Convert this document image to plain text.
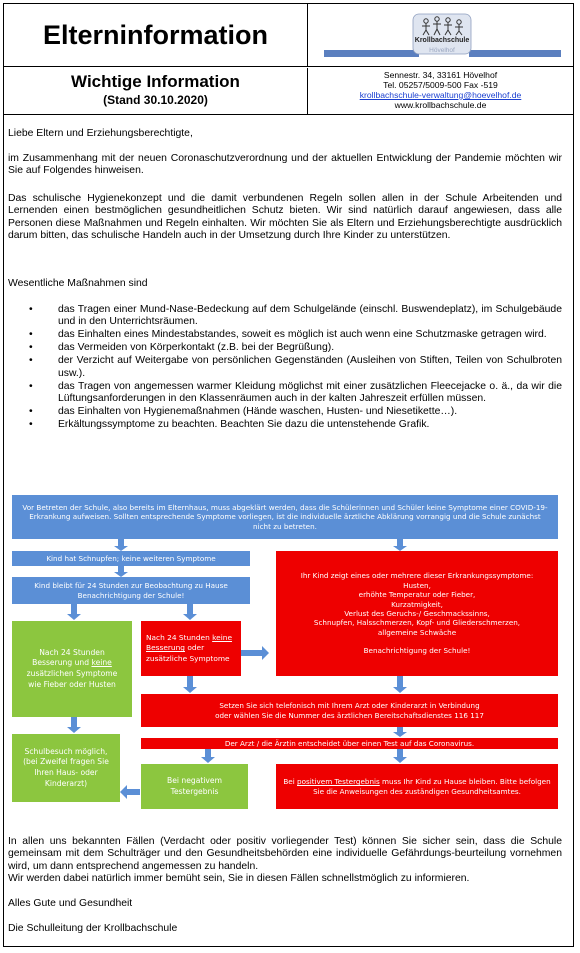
Elterninformation	Krollbachschule
Hövelhof
Wichtige Information
(Stand 30.10.2020)
Sennestr. 34, 33161 Hövelhof
Tel. 05257/5009-500 Fax -519
krollbachschule-verwaltung@hoevelhof.de
www.krollbachschule.de
Liebe Eltern und Erziehungsberechtigte,
im Zusammenhang mit der neuen Coronaschutzverordnung und der aktuellen Entwicklung der Pandemie möchten wir Sie auf Folgendes hinweisen.
Das schulische Hygienekonzept und die damit verbundenen Regeln sollen allen in der Schule Arbeitenden und Lernenden einen bestmöglichen gesundheitlichen Schutz bieten. Wir sind natürlich darauf angewiesen, dass alle Personen diese Maßnahmen und Regeln einhalten. Wir möchten Sie als Eltern und Erziehungsberechtigte ausdrücklich darum bitten, das schulische Handeln auch in der Umsetzung durch Ihre Kinder zu unterstützen.
Wesentliche Maßnahmen sind
• das Tragen einer Mund-Nase-Bedeckung auf dem Schulgelände (einschl. Buswendeplatz), im Schulgebäude und in den Unterrichtsräumen.
• das Einhalten eines Mindestabstandes, soweit es möglich ist auch wenn eine Schutzmaske getragen wird.
• das Vermeiden von Körperkontakt (z.B. bei der Begrüßung).
• der Verzicht auf Weitergabe von persönlichen Gegenständen (Ausleihen von Stiften, Teilen von Schulbroten usw.).
• das Tragen von angemessen warmer Kleidung möglichst mit einer zusätzlichen Fleecejacke o. ä., da wir die Lüftungsanforderungen in den Klassenräumen auch in der kalten Jahreszeit erfüllen müssen.
• das Einhalten von Hygienemaßnahmen (Hände waschen, Husten- und Niesetikette…).
• Erkältungssymptome zu beachten. Beachten Sie dazu die untenstehende Grafik.
Vor Betreten der Schule, also bereits im Elternhaus, muss abgeklärt werden, dass die Schülerinnen und Schüler keine Symptome einer COVID-19-Erkrankung aufweisen. Sollten entsprechende Symptome vorliegen, ist die individuelle ärztliche Abklärung vorrangig und die Schule zunächst nicht zu betreten.
Kind hat Schnupfen; keine weiteren Symptome
Kind bleibt für 24 Stunden zur Beobachtung zu Hause
Benachrichtigung der Schule!
Nach 24 Stunden
Besserung und keine
zusätzlichen Symptome
wie Fieber oder Husten
Nach 24 Stunden keine
Besserung oder
zusätzliche Symptome
Ihr Kind zeigt eines oder mehrere dieser Erkrankungssymptome:
Husten,
erhöhte Temperatur oder Fieber,
Kurzatmigkeit,
Verlust des Geruchs-/ Geschmackssinns,
Schnupfen, Halsschmerzen, Kopf- und Gliederschmerzen,
allgemeine Schwäche
Benachrichtigung der Schule!
Setzen Sie sich telefonisch mit Ihrem Arzt oder Kinderarzt in Verbindung
oder wählen Sie die Nummer des ärztlichen Bereitschaftsdienstes 116 117
Schulbesuch möglich,
(bei Zweifel fragen Sie
Ihren Haus- oder
Kinderarzt)
Der Arzt / die Ärztin entscheidet über einen Test auf das Coronavirus.
Bei negativem
Testergebnis
Bei positivem Testergebnis muss Ihr Kind zu Hause bleiben. Bitte befolgen Sie die Anweisungen des zuständigen Gesundheitsamtes.
In allen uns bekannten Fällen (Verdacht oder positiv vorliegender Test) können Sie sicher sein, dass die Schule gemeinsam mit dem Schulträger und den Gesundheitsbehörden eine individuelle Gefährdungs-beurteilung vornehmen wird, um dann entsprechend angemessen zu handeln.
Wir werden dabei natürlich immer bemüht sein, Sie in diesen Fällen schnellstmöglich zu informieren.
Alles Gute und Gesundheit
Die Schulleitung der Krollbachschule
